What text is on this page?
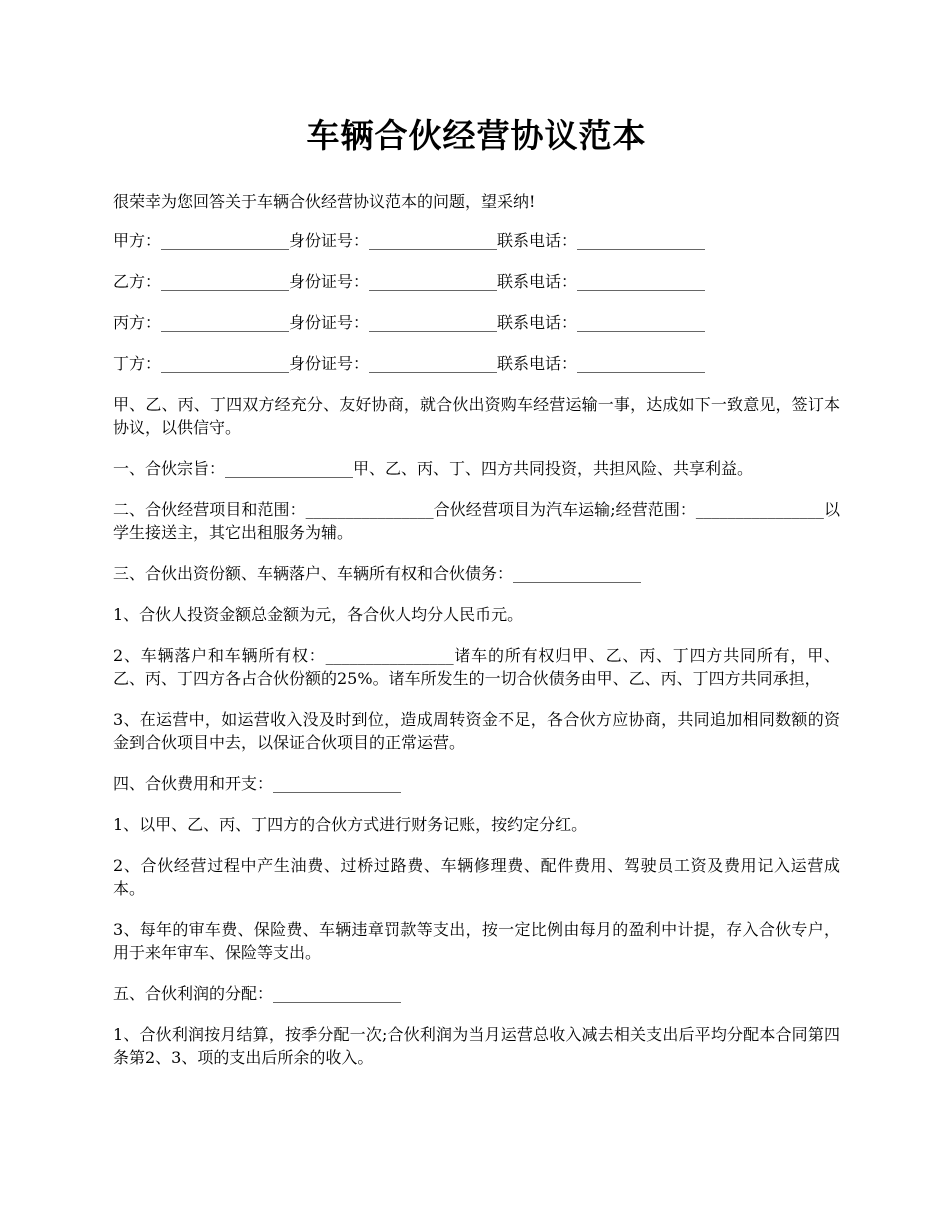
车辆合伙经营协议范本

很荣幸为您回答关于车辆合伙经营协议范本的问题，望采纳!

甲方：________________身份证号：________________联系电话：________________

乙方：________________身份证号：________________联系电话：________________

丙方：________________身份证号：________________联系电话：________________

丁方：________________身份证号：________________联系电话：________________

甲、乙、丙、丁四双方经充分、友好协商，就合伙出资购车经营运输一事，达成如下一致意见，签订本协议，以供信守。

一、合伙宗旨：________________甲、乙、丙、丁、四方共同投资，共担风险、共享利益。

二、合伙经营项目和范围：________________合伙经营项目为汽车运输;经营范围：________________以学生接送主，其它出租服务为辅。

三、合伙出资份额、车辆落户、车辆所有权和合伙债务：________________

1、合伙人投资金额总金额为元，各合伙人均分人民币元。

2、车辆落户和车辆所有权：________________诸车的所有权归甲、乙、丙、丁四方共同所有，甲、乙、丙、丁四方各占合伙份额的25%。诸车所发生的一切合伙债务由甲、乙、丙、丁四方共同承担，

3、在运营中，如运营收入没及时到位，造成周转资金不足，各合伙方应协商，共同追加相同数额的资金到合伙项目中去，以保证合伙项目的正常运营。

四、合伙费用和开支：________________

1、以甲、乙、丙、丁四方的合伙方式进行财务记账，按约定分红。

2、合伙经营过程中产生油费、过桥过路费、车辆修理费、配件费用、驾驶员工资及费用记入运营成本。

3、每年的审车费、保险费、车辆违章罚款等支出，按一定比例由每月的盈利中计提，存入合伙专户，用于来年审车、保险等支出。

五、合伙利润的分配：________________

1、合伙利润按月结算，按季分配一次;合伙利润为当月运营总收入减去相关支出后平均分配本合同第四条第2、3、项的支出后所余的收入。
